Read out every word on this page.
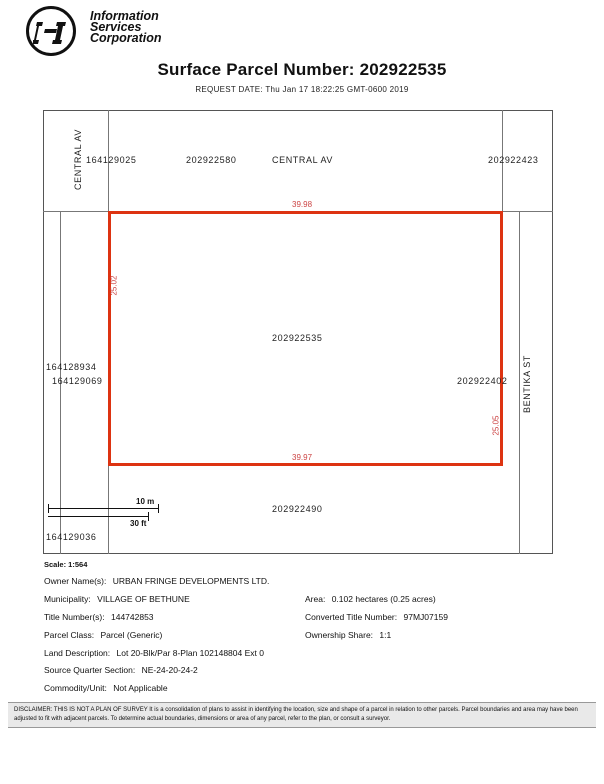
Information
Services
Corporation
Surface Parcel Number: 202922535
REQUEST DATE: Thu Jan 17 18:22:25 GMT-0600 2019
CENTRAL AV 164129025	202922580	CENTRAL AV	202922423
39.98
39.97
25.02
25.05
202922535
164128934
164129069	202922402 BENTIKA ST
202922490
164129036
10 m
30 ft
Scale: 1:564
Owner Name(s): URBAN FRINGE DEVELOPMENTS LTD.
Municipality: VILLAGE OF BETHUNE	Area: 0.102 hectares (0.25 acres)
Title Number(s): 144742853	Converted Title Number: 97MJ07159
Parcel Class: Parcel (Generic)	Ownership Share: 1:1
Land Description: Lot 20-Blk/Par 8-Plan 102148804 Ext 0
Source Quarter Section: NE-24-20-24-2
Commodity/Unit: Not Applicable
DISCLAIMER: THIS IS NOT A PLAN OF SURVEY It is a consolidation of plans to assist in identifying the location, size and shape of a parcel in relation to other parcels. Parcel boundaries and area may have been adjusted to fit with adjacent parcels. To determine actual boundaries, dimensions or area of any parcel, refer to the plan, or consult a surveyor.
